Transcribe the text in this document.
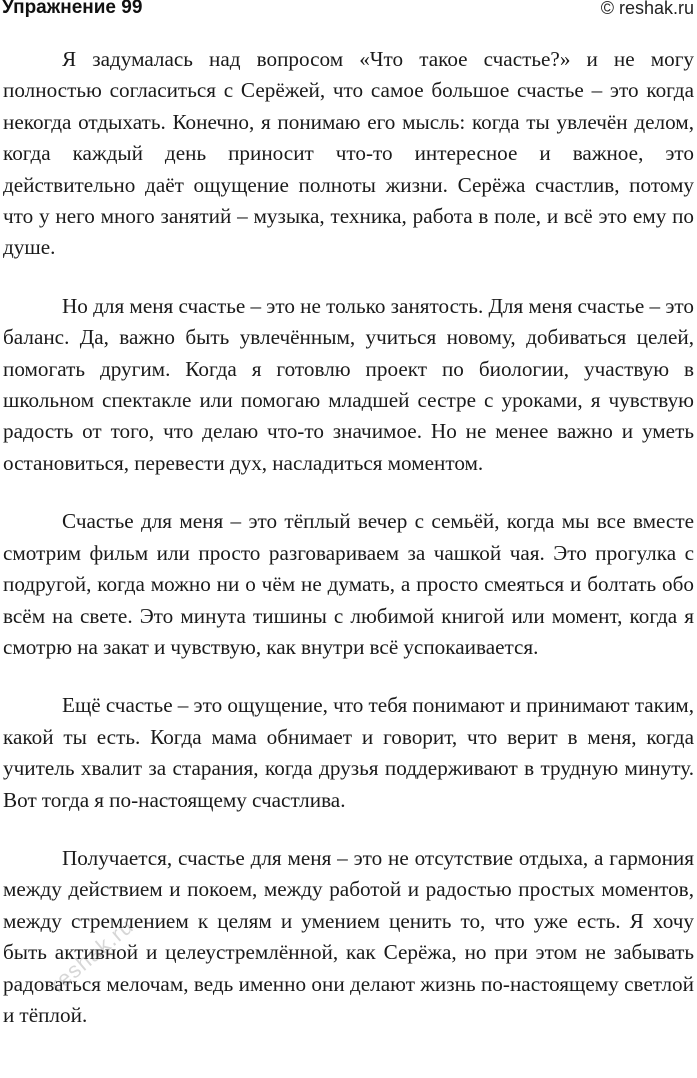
Упражнение 99	© reshak.ru

Я задумалась над вопросом «Что такое счастье?» и не могу полностью согласиться с Серёжей, что самое большое счастье – это когда некогда отдыхать. Конечно, я понимаю его мысль: когда ты увлечён делом, когда каждый день приносит что-то интересное и важное, это действительно даёт ощущение полноты жизни. Серёжа счастлив, потому что у него много занятий – музыка, техника, работа в поле, и всё это ему по душе.

Но для меня счастье – это не только занятость. Для меня счастье – это баланс. Да, важно быть увлечённым, учиться новому, добиваться целей, помогать другим. Когда я готовлю проект по биологии, участвую в школьном спектакле или помогаю младшей сестре с уроками, я чувствую радость от того, что делаю что-то значимое. Но не менее важно и уметь остановиться, перевести дух, насладиться моментом.

Счастье для меня – это тёплый вечер с семьёй, когда мы все вместе смотрим фильм или просто разговариваем за чашкой чая. Это прогулка с подругой, когда можно ни о чём не думать, а просто смеяться и болтать обо всём на свете. Это минута тишины с любимой книгой или момент, когда я смотрю на закат и чувствую, как внутри всё успокаивается.

Ещё счастье – это ощущение, что тебя понимают и принимают таким, какой ты есть. Когда мама обнимает и говорит, что верит в меня, когда учитель хвалит за старания, когда друзья поддерживают в трудную минуту. Вот тогда я по-настоящему счастлива.

Получается, счастье для меня – это не отсутствие отдыха, а гармония между действием и покоем, между работой и радостью простых моментов, между стремлением к целям и умением ценить то, что уже есть. Я хочу быть активной и целеустремлённой, как Серёжа, но при этом не забывать радоваться мелочам, ведь именно они делают жизнь по-настоящему светлой и тёплой.

reshak.ru
